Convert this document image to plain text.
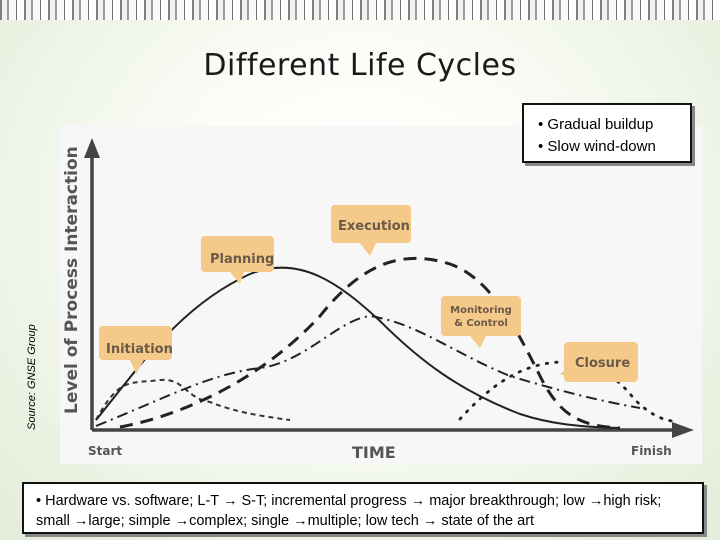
Different Life Cycles
Source: GNSE Group Level of Process Interaction
TIME
Start	Finish
Initiation
Planning
Execution
Monitoring
& Control
Closure
• Gradual buildup
• Slow wind-down
• Hardware vs. software; L-T → S-T; incremental progress → major breakthrough; low →high risk; small →large; simple →complex; single →multiple; low tech → state of the art
